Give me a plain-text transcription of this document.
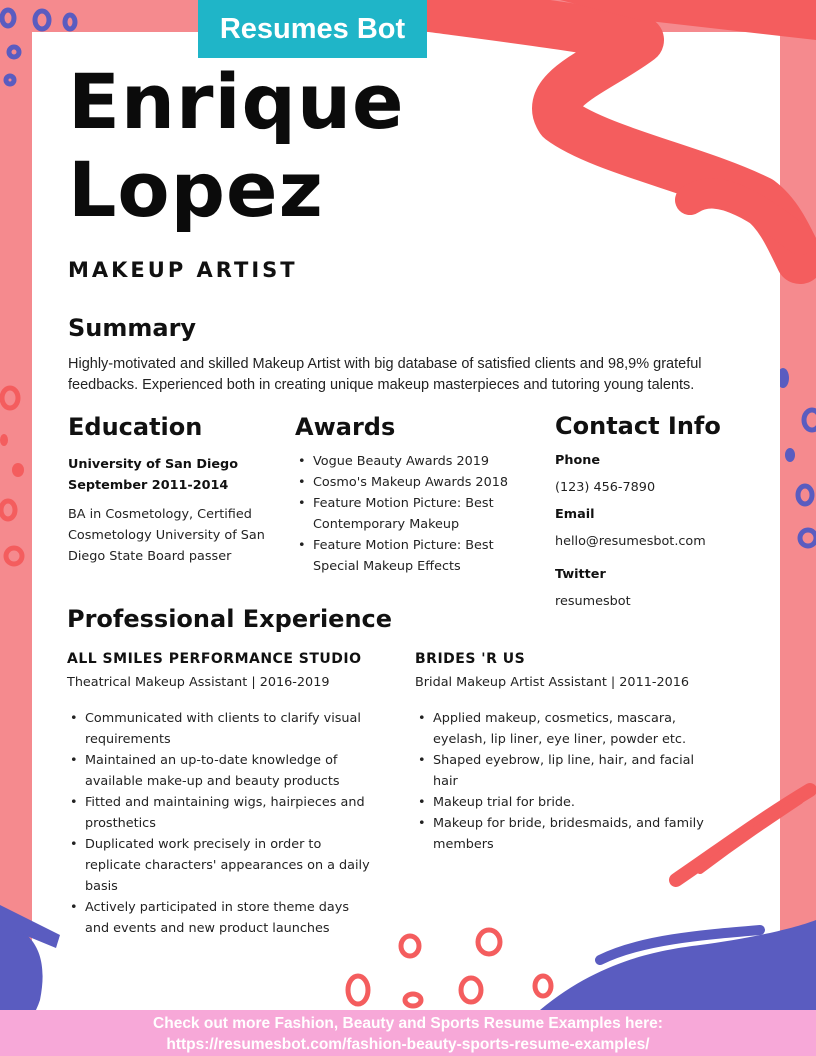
Resumes Bot
Enrique
Lopez
MAKEUP ARTIST
Summary
Highly-motivated and skilled Makeup Artist with big database of satisfied clients and 98,9% grateful feedbacks. Experienced both in creating unique makeup masterpieces and tutoring young talents.
Education
University of San Diego
September 2011-2014
BA in Cosmetology, Certified Cosmetology University of San Diego State Board passer
Awards
• Vogue Beauty Awards 2019
• Cosmo's Makeup Awards 2018
• Feature Motion Picture: Best Contemporary Makeup
• Feature Motion Picture: Best Special Makeup Effects
Contact Info
Phone
(123) 456-7890
Email
hello@resumesbot.com
Twitter
resumesbot
Professional Experience
ALL SMILES PERFORMANCE STUDIO
Theatrical Makeup Assistant | 2016-2019
• Communicated with clients to clarify visual requirements
• Maintained an up-to-date knowledge of available make-up and beauty products
• Fitted and maintaining wigs, hairpieces and prosthetics
• Duplicated work precisely in order to replicate characters' appearances on a daily basis
• Actively participated in store theme days and events and new product launches
BRIDES 'R US
Bridal Makeup Artist Assistant | 2011-2016
• Applied makeup, cosmetics, mascara, eyelash, lip liner, eye liner, powder etc.
• Shaped eyebrow, lip line, hair, and facial hair
• Makeup trial for bride.
• Makeup for bride, bridesmaids, and family members
Check out more Fashion, Beauty and Sports Resume Examples here:
https://resumesbot.com/fashion-beauty-sports-resume-examples/
